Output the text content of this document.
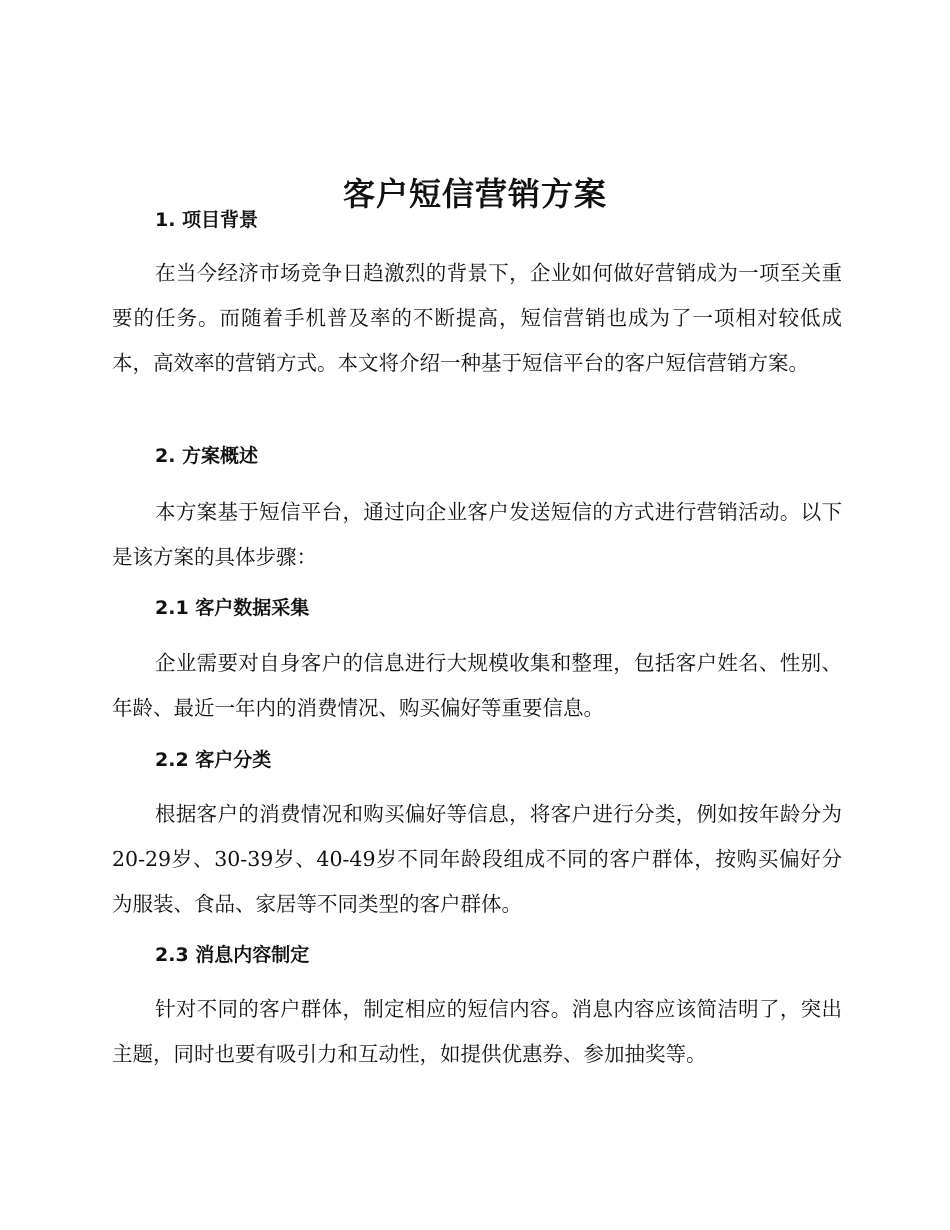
客户短信营销方案
1. 项目背景

在当今经济市场竞争日趋激烈的背景下，企业如何做好营销成为一项至关重要的任务。而随着手机普及率的不断提高，短信营销也成为了一项相对较低成本，高效率的营销方式。本文将介绍一种基于短信平台的客户短信营销方案。

2. 方案概述

本方案基于短信平台，通过向企业客户发送短信的方式进行营销活动。以下是该方案的具体步骤：

2.1 客户数据采集

企业需要对自身客户的信息进行大规模收集和整理，包括客户姓名、性别、年龄、最近一年内的消费情况、购买偏好等重要信息。

2.2 客户分类

根据客户的消费情况和购买偏好等信息，将客户进行分类，例如按年龄分为20-29岁、30-39岁、40-49岁不同年龄段组成不同的客户群体，按购买偏好分为服装、食品、家居等不同类型的客户群体。

2.3 消息内容制定

针对不同的客户群体，制定相应的短信内容。消息内容应该简洁明了，突出主题，同时也要有吸引力和互动性，如提供优惠券、参加抽奖等。
